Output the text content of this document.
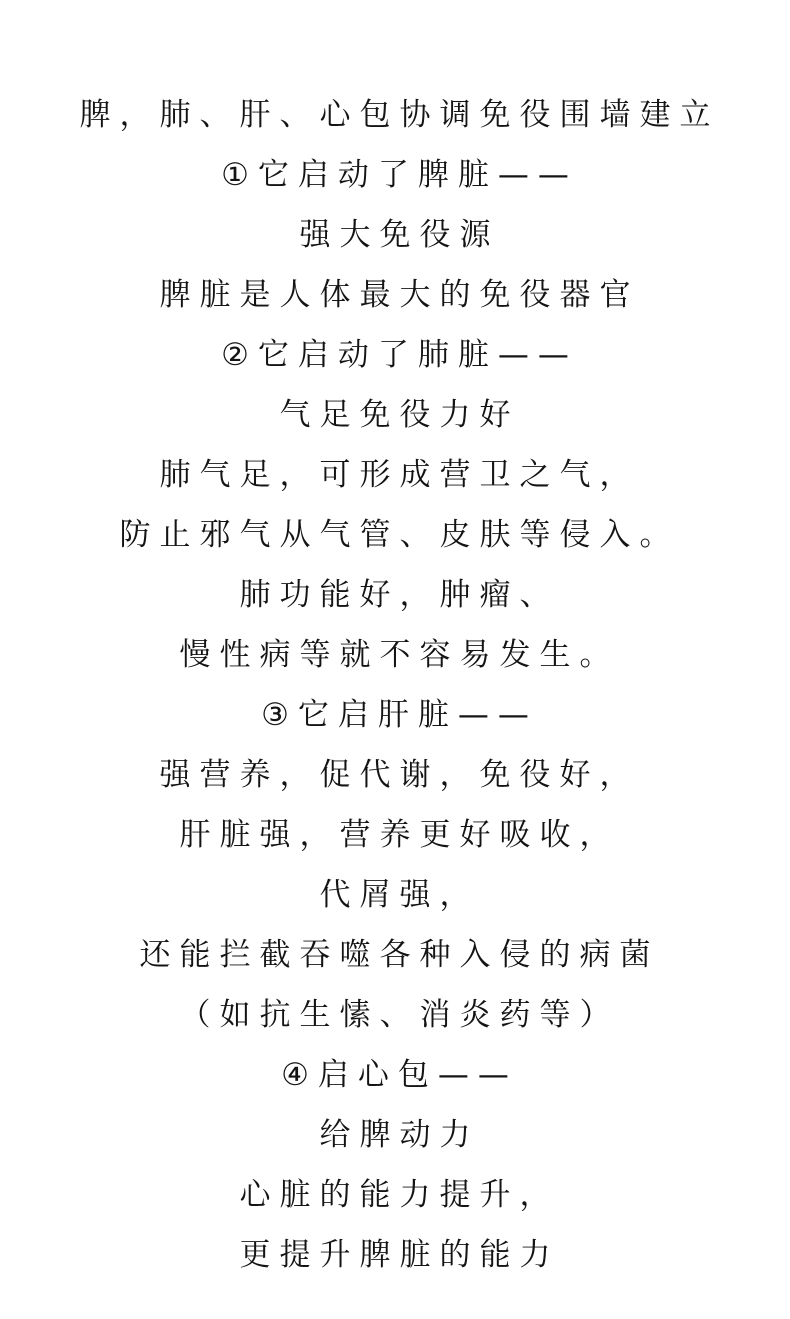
脾，肺、肝、心包协调免役围墙建立
①它启动了脾脏——
强大免役源
脾脏是人体最大的免役器官
②它启动了肺脏——
气足免役力好
肺气足，可形成营卫之气，
防止邪气从气管、皮肤等侵入。
肺功能好，肿瘤、
慢性病等就不容易发生。
③它启肝脏——
强营养，促代谢，免役好，
肝脏强，营养更好吸收，
代屑强，
还能拦截吞噬各种入侵的病菌
（如抗生愫、消炎药等）
④启心包——
给脾动力
心脏的能力提升，
更提升脾脏的能力
